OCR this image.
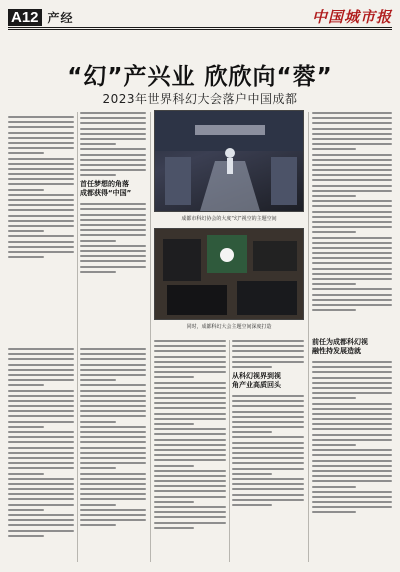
A12 产经	中国城市报
“幻”产兴业 欣欣向“蓉”
2023年世界科幻大会落户中国成都
成都市科幻协会的大度“幻”视空的主题空间
同时，成都科幻大会主题空间深度打造
首任梦想的角落
成都获得“中国”
从科幻视界到视
角产业高质回头
前任为成都科幻视
融性持发展造就
